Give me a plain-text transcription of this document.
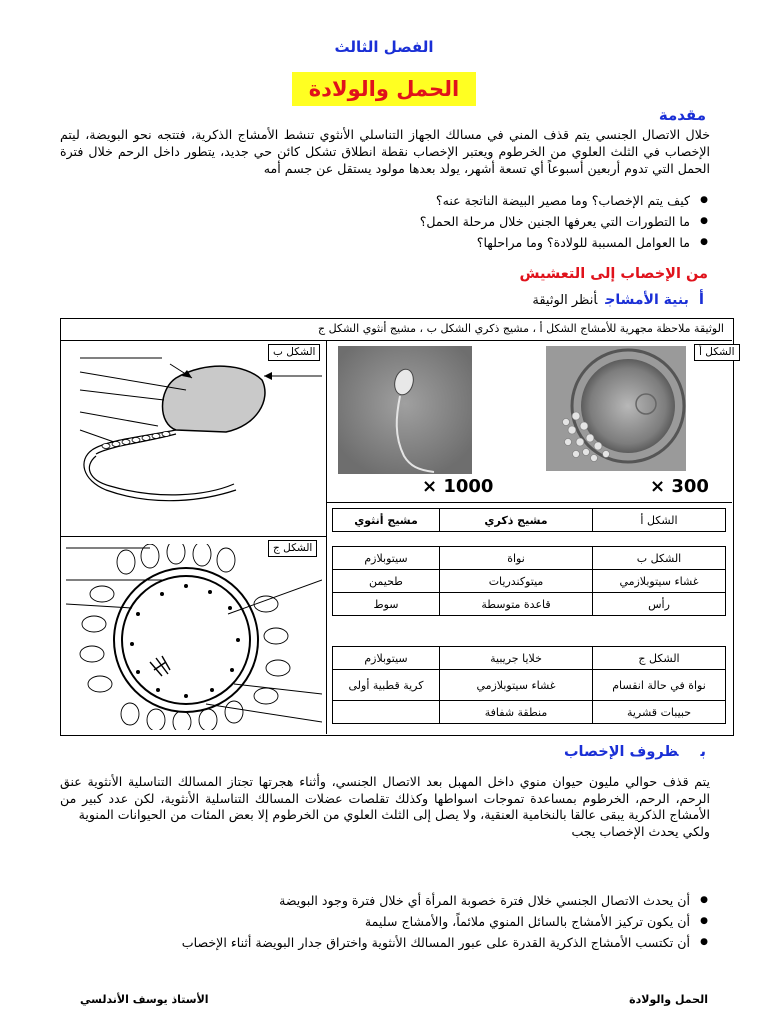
الفصل الثالث
الحمل والولادة
مقدمة
خلال الاتصال الجنسي يتم قذف المني في مسالك الجهاز التناسلي الأنثوي تنشط الأمشاج الذكرية، فتتجه نحو البويضة، ليتم الإخصاب في الثلث العلوي من الخرطوم ويعتبر الإخصاب نقطة انطلاق تشكل كائن حي جديد، يتطور داخل الرحم خلال فترة الحمل التي تدوم أربعين أسبوعاً أي تسعة أشهر، يولد بعدها مولود يستقل عن جسم أمه
● كيف يتم الإخصاب؟ وما مصير البيضة الناتجة عنه؟
● ما التطورات التي يعرفها الجنين خلال مرحلة الحمل؟
● ما العوامل المسببة للولادة؟ وما مراحلها؟
من الإخصاب إلى التعشيش
أبنية الأمشاجأنظر الوثيقة
الوثيقة ملاحظة مجهرية للأمشاج الشكل أ ، مشيج ذكري الشكل ب ، مشيج أنثوي الشكل ج
× 300
الشكل أ
× 1000
الشكل ب
الشكل ج
الشكل أ	مشيج ذكري	مشيج أنثوي
الشكل ب	نواة	سيتوبلازم
غشاء سيتوبلازمي	ميتوكندريات	طحيمن
رأس	قاعدة متوسطة	سوط
الشكل ج	خلايا جريبية	سيتوبلازم
نواة في حالة انقسام	غشاء سيتوبلازمي	كرية قطبية أولى
حبيبات قشرية	منطقة شفافة	
بظروف الإخصاب
يتم قذف حوالي مليون حيوان منوي داخل المهبل بعد الاتصال الجنسي، وأثناء هجرتها تجتاز المسالك التناسلية الأنثوية عنق الرحم، الرحم، الخرطوم بمساعدة تموجات اسواطها وكذلك تقلصات عضلات المسالك التناسلية الأنثوية، لكن عدد كبير من الأمشاج الذكرية يبقى عالقا بالنخامية العنقية، ولا يصل إلى الثلث العلوي من الخرطوم إلا بعض المئات من الحيوانات المنوية
ولكي يحدث الإخصاب يجب
● أن يحدث الاتصال الجنسي خلال فترة خصوبة المرأة أي خلال فترة وجود البويضة
● أن يكون تركيز الأمشاج بالسائل المنوي ملائماً، والأمشاج سليمة
● أن تكتسب الأمشاج الذكرية القدرة على عبور المسالك الأنثوية واختراق جدار البويضة أثناء الإخصاب
الحمل والولادة
الأستاذ يوسف الأندلسي
